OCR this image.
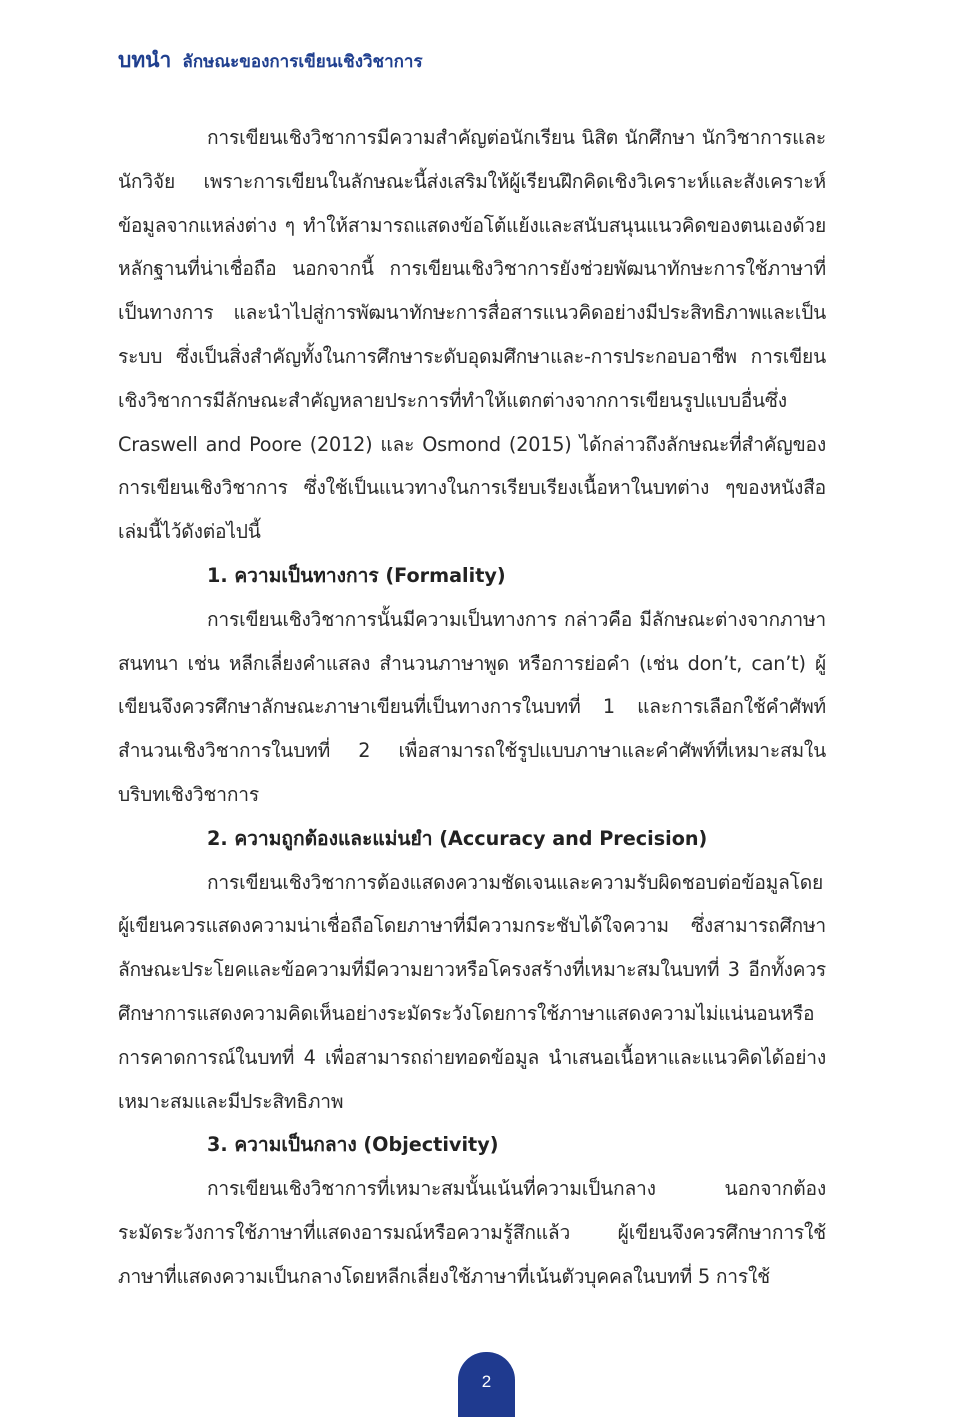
บทนำ ลักษณะของการเขียนเชิงวิชาการ

การเขียนเชิงวิชาการมีความสำคัญต่อนักเรียน นิสิต นักศึกษา นักวิชาการและนักวิจัย เพราะการเขียนในลักษณะนี้ส่งเสริมให้ผู้เรียนฝึกคิดเชิงวิเคราะห์และสังเคราะห์ข้อมูลจากแหล่งต่าง ๆ ทำให้สามารถแสดงข้อโต้แย้งและสนับสนุนแนวคิดของตนเองด้วยหลักฐานที่น่าเชื่อถือ นอกจากนี้ การเขียนเชิงวิชาการยังช่วยพัฒนาทักษะการใช้ภาษาที่เป็นทางการ และนำไปสู่การพัฒนาทักษะการสื่อสารแนวคิดอย่างมีประสิทธิภาพและเป็นระบบ ซึ่งเป็นสิ่งสำคัญทั้งในการศึกษาระดับอุดมศึกษาและ-การประกอบอาชีพ การเขียนเชิงวิชาการมีลักษณะสำคัญหลายประการที่ทำให้แตกต่างจากการเขียนรูปแบบอื่นซึ่ง Craswell and Poore (2012) และ Osmond (2015) ได้กล่าวถึงลักษณะที่สำคัญของการเขียนเชิงวิชาการ ซึ่งใช้เป็นแนวทางในการเรียบเรียงเนื้อหาในบทต่าง ๆของหนังสือเล่มนี้ไว้ดังต่อไปนี้

1. ความเป็นทางการ (Formality)

การเขียนเชิงวิชาการนั้นมีความเป็นทางการ กล่าวคือ มีลักษณะต่างจากภาษาสนทนา เช่น หลีกเลี่ยงคำแสลง สำนวนภาษาพูด หรือการย่อคำ (เช่น don’t, can’t) ผู้เขียนจึงควรศึกษาลักษณะภาษาเขียนที่เป็นทางการในบทที่ 1 และการเลือกใช้คำศัพท์สำนวนเชิงวิชาการในบทที่ 2 เพื่อสามารถใช้รูปแบบภาษาและคำศัพท์ที่เหมาะสมในบริบทเชิงวิชาการ

2. ความถูกต้องและแม่นยำ (Accuracy and Precision)

การเขียนเชิงวิชาการต้องแสดงความชัดเจนและความรับผิดชอบต่อข้อมูลโดยผู้เขียนควรแสดงความน่าเชื่อถือโดยภาษาที่มีความกระชับได้ใจความ ซึ่งสามารถศึกษาลักษณะประโยคและข้อความที่มีความยาวหรือโครงสร้างที่เหมาะสมในบทที่ 3 อีกทั้งควรศึกษาการแสดงความคิดเห็นอย่างระมัดระวังโดยการใช้ภาษาแสดงความไม่แน่นอนหรือการคาดการณ์ในบทที่ 4 เพื่อสามารถถ่ายทอดข้อมูล นำเสนอเนื้อหาและแนวคิดได้อย่างเหมาะสมและมีประสิทธิภาพ

3. ความเป็นกลาง (Objectivity)

การเขียนเชิงวิชาการที่เหมาะสมนั้นเน้นที่ความเป็นกลาง นอกจากต้องระมัดระวังการใช้ภาษาที่แสดงอารมณ์หรือความรู้สึกแล้ว ผู้เขียนจึงควรศึกษาการใช้ภาษาที่แสดงความเป็นกลางโดยหลีกเลี่ยงใช้ภาษาที่เน้นตัวบุคคลในบทที่ 5 การใช้

2
